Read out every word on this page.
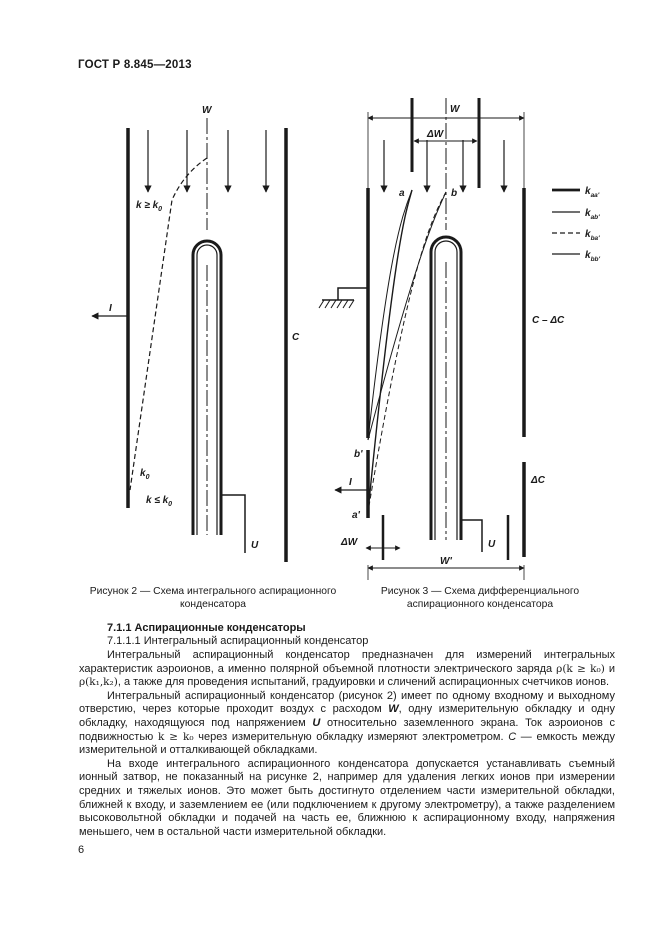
ГОСТ Р 8.845—2013
W
$k \ge k_0$
I
C
$k_0$
$k \le k_0$
U
W
ΔW
a	b
C – ΔC
b'
I	ΔC
a'
ΔW
W'
U
$k_{aa'}$
$k_{ab'}$
$k_{ba'}$
$k_{bb'}$
Рисунок 2 — Схема интегрального аспирационного конденсатора
Рисунок 3 — Схема дифференциального аспирационного конденсатора
7.1.1 Аспирационные конденсаторы
7.1.1.1 Интегральный аспирационный конденсатор

Интегральный аспирационный конденсатор предназначен для измерений интегральных характеристик аэроионов, а именно полярной объемной плотности электрического заряда ρ(k ≥ k₀) и ρ(k₁,k₂), а также для проведения испытаний, градуировки и сличений аспирационных счетчиков ионов.

Интегральный аспирационный конденсатор (рисунок 2) имеет по одному входному и выходному отверстию, через которые проходит воздух с расходом W, одну измерительную обкладку и одну обкладку, находящуюся под напряжением U относительно заземленного экрана. Ток аэроионов с подвижностью k ≥ k₀ через измерительную обкладку измеряют электрометром. C — емкость между измерительной и отталкивающей обкладками.

На входе интегрального аспирационного конденсатора допускается устанавливать съемный ионный затвор, не показанный на рисунке 2, например для удаления легких ионов при измерении средних и тяжелых ионов. Это может быть достигнуто отделением части измерительной обкладки, ближней к входу, и заземлением ее (или подключением к другому электрометру), а также разделением высоковольтной обкладки и подачей на часть ее, ближнюю к аспирационному входу, напряжения меньшего, чем в остальной части измерительной обкладки.

6
